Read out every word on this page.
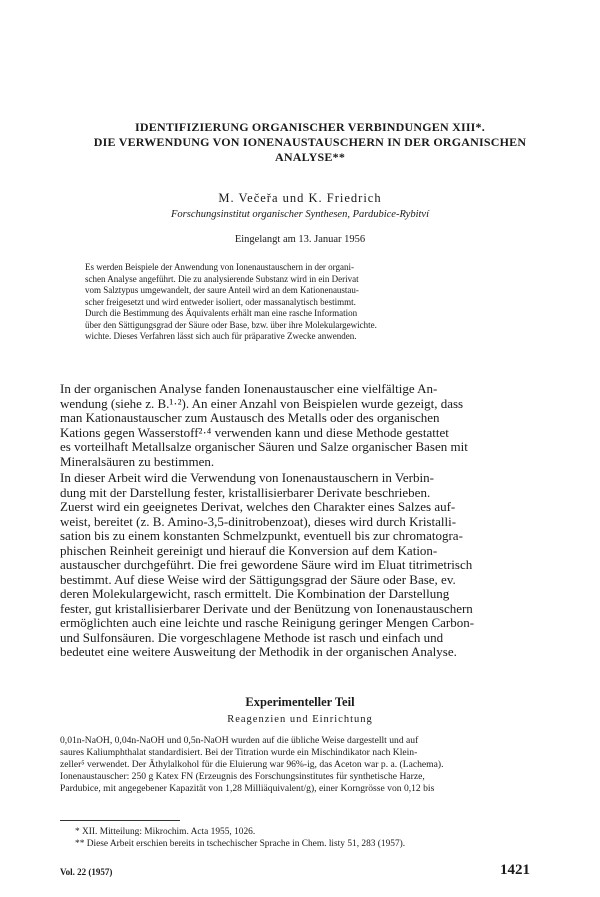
IDENTIFIZIERUNG ORGANISCHER VERBINDUNGEN XIII*.
DIE VERWENDUNG VON IONENAUSTAUSCHERN IN DER ORGANISCHEN
ANALYSE**
M. Večeřa und K. Friedrich
Forschungsinstitut organischer Synthesen, Pardubice-Rybitví
Eingelangt am 13. Januar 1956
Es werden Beispiele der Anwendung von Ionenaustauschern in der organi-
schen Analyse angeführt. Die zu analysierende Substanz wird in ein Derivat
vom Salztypus umgewandelt, der saure Anteil wird an dem Kationenaustau-
scher freigesetzt und wird entweder isoliert, oder massanalytisch bestimmt.
Durch die Bestimmung des Äquivalents erhält man eine rasche Information
über den Sättigungsgrad der Säure oder Base, bzw. über ihre Molekulargewichte.
wichte. Dieses Verfahren lässt sich auch für präparative Zwecke anwenden.
In der organischen Analyse fanden Ionenaustauscher eine vielfältige An-
wendung (siehe z. B.¹·²). An einer Anzahl von Beispielen wurde gezeigt, dass
man Kationaustauscher zum Austausch des Metalls oder des organischen
Kations gegen Wasserstoff²·⁴ verwenden kann und diese Methode gestattet
es vorteilhaft Metallsalze organischer Säuren und Salze organischer Basen mit
Mineralsäuren zu bestimmen.
In dieser Arbeit wird die Verwendung von Ionenaustauschern in Verbin-
dung mit der Darstellung fester, kristallisierbarer Derivate beschrieben.
Zuerst wird ein geeignetes Derivat, welches den Charakter eines Salzes auf-
weist, bereitet (z. B. Amino-3,5-dinitrobenzoat), dieses wird durch Kristalli-
sation bis zu einem konstanten Schmelzpunkt, eventuell bis zur chromatogra-
phischen Reinheit gereinigt und hierauf die Konversion auf dem Kation-
austauscher durchgeführt. Die frei gewordene Säure wird im Eluat titrimetrisch
bestimmt. Auf diese Weise wird der Sättigungsgrad der Säure oder Base, ev.
deren Molekulargewicht, rasch ermittelt. Die Kombination der Darstellung
fester, gut kristallisierbarer Derivate und der Benützung von Ionenaustauschern
ermöglichten auch eine leichte und rasche Reinigung geringer Mengen Carbon-
und Sulfonsäuren. Die vorgeschlagene Methode ist rasch und einfach und
bedeutet eine weitere Ausweitung der Methodik in der organischen Analyse.
Experimenteller Teil
Reagenzien und Einrichtung
0,01n-NaOH, 0,04n-NaOH und 0,5n-NaOH wurden auf die übliche Weise dargestellt und auf
saures Kaliumphthalat standardisiert. Bei der Titration wurde ein Mischindikator nach Klein-
zeller⁵ verwendet. Der Äthylalkohol für die Eluierung war 96%-ig, das Aceton war p. a. (Lachema).
Ionenaustauscher: 250 g Katex FN (Erzeugnis des Forschungsinstitutes für synthetische Harze,
Pardubice, mit angegebener Kapazität von 1,28 Milliäquivalent/g), einer Korngrösse von 0,12 bis
* XII. Mitteilung: Mikrochim. Acta 1955, 1026.
** Diese Arbeit erschien bereits in tschechischer Sprache in Chem. listy 51, 283 (1957).
Vol. 22 (1957)	1421
